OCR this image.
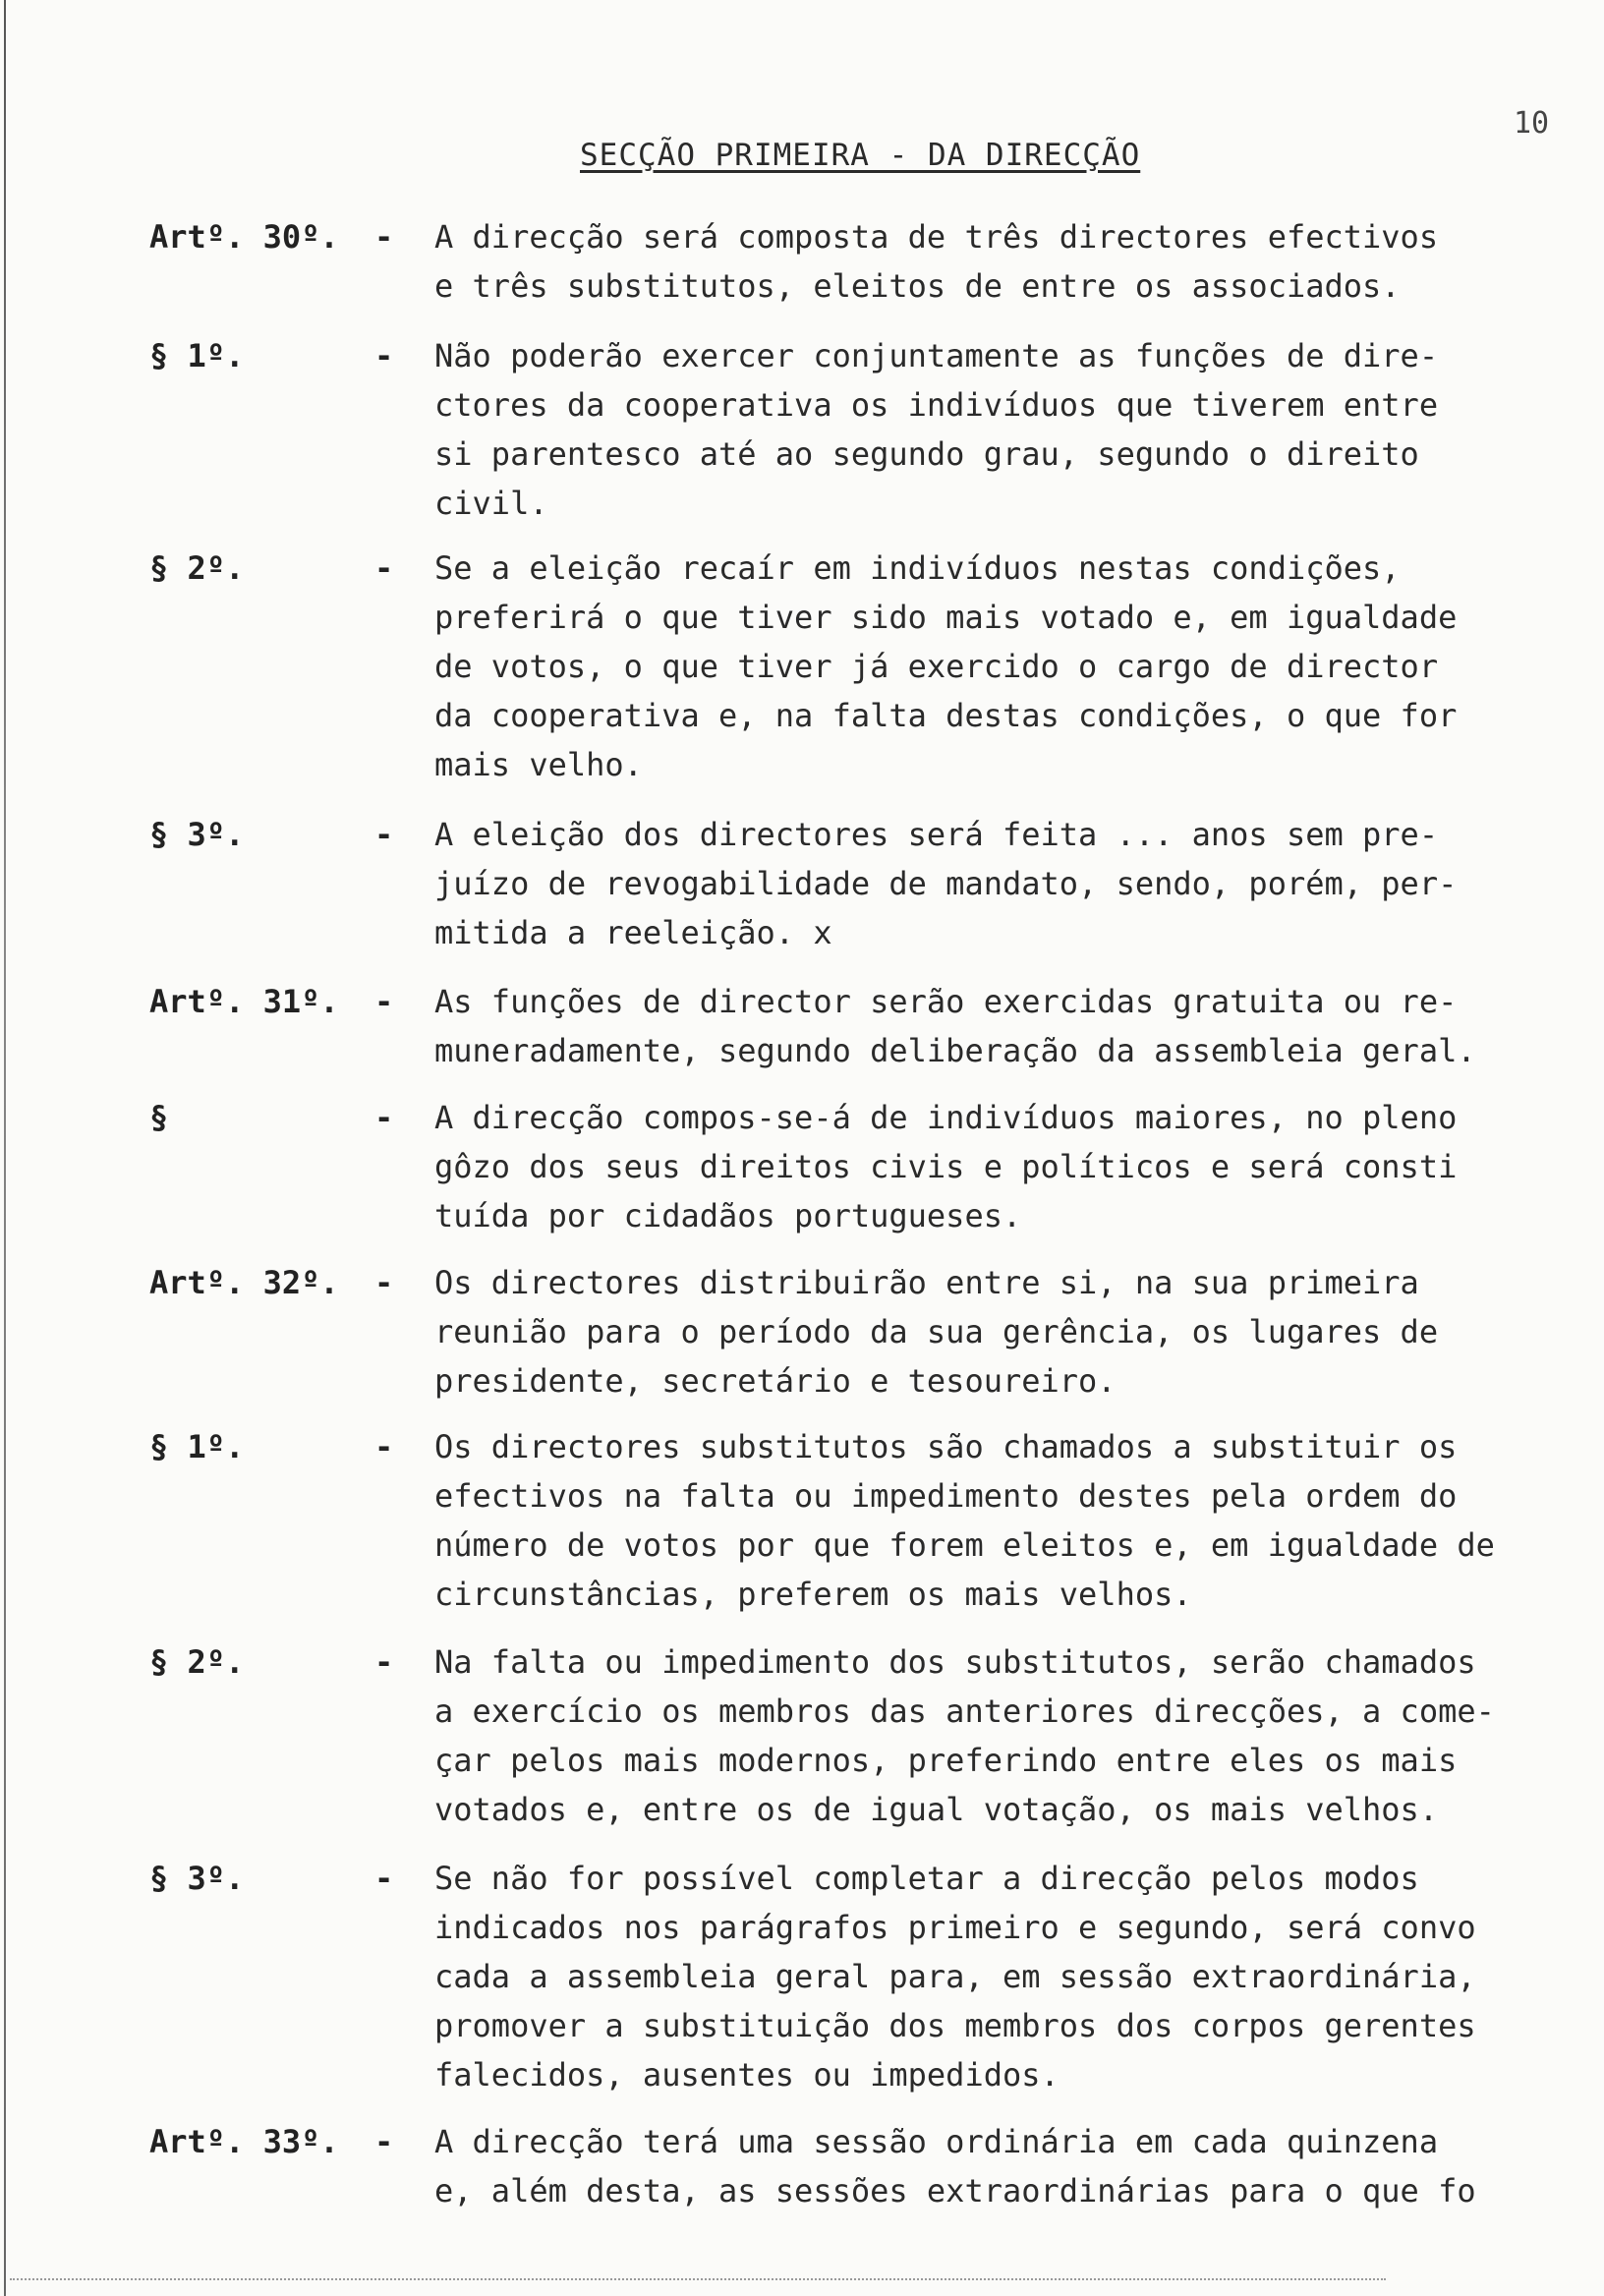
10
SECÇÃO PRIMEIRA - DA DIRECÇÃO
Artº. 30º. - A direcção será composta de três directores efectivos
e três substitutos, eleitos de entre os associados.
§ 1º.	- Não poderão exercer conjuntamente as funções de dire-
ctores da cooperativa os indivíduos que tiverem entre
si parentesco até ao segundo grau, segundo o direito
civil.
§ 2º.	- Se a eleição recaír em indivíduos nestas condições,
preferirá o que tiver sido mais votado e, em igualdade
de votos, o que tiver já exercido o cargo de director
da cooperativa e, na falta destas condições, o que for
mais velho.
§ 3º.	- A eleição dos directores será feita ... anos sem pre-
juízo de revogabilidade de mandato, sendo, porém, per-
mitida a reeleição. x
Artº. 31º. - As funções de director serão exercidas gratuita ou re-
muneradamente, segundo deliberação da assembleia geral.
§	- A direcção compos-se-á de indivíduos maiores, no pleno
gôzo dos seus direitos civis e políticos e será consti
tuída por cidadãos portugueses.
Artº. 32º. - Os directores distribuirão entre si, na sua primeira
reunião para o período da sua gerência, os lugares de
presidente, secretário e tesoureiro.
§ 1º.	- Os directores substitutos são chamados a substituir os
efectivos na falta ou impedimento destes pela ordem do
número de votos por que forem eleitos e, em igualdade de
circunstâncias, preferem os mais velhos.
§ 2º.	- Na falta ou impedimento dos substitutos, serão chamados
a exercício os membros das anteriores direcções, a come-
çar pelos mais modernos, preferindo entre eles os mais
votados e, entre os de igual votação, os mais velhos.
§ 3º.	- Se não for possível completar a direcção pelos modos
indicados nos parágrafos primeiro e segundo, será convo
cada a assembleia geral para, em sessão extraordinária,
promover a substituição dos membros dos corpos gerentes
falecidos, ausentes ou impedidos.
Artº. 33º. - A direcção terá uma sessão ordinária em cada quinzena
e, além desta, as sessões extraordinárias para o que fo
